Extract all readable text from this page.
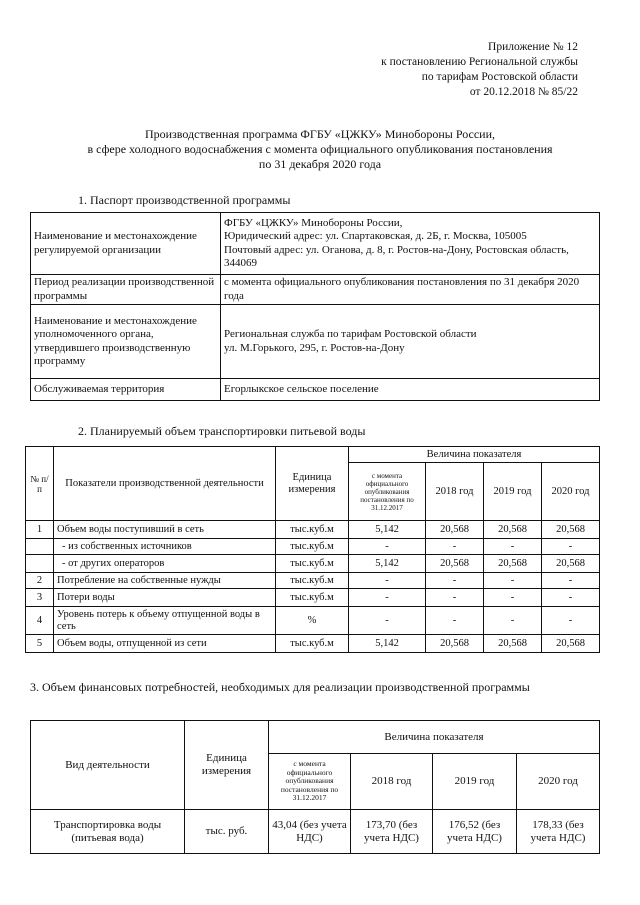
Приложение № 12
к постановлению Региональной службы
по тарифам Ростовской области
от 20.12.2018 № 85/22
Производственная программа ФГБУ «ЦЖКУ» Минобороны России,
в сфере холодного водоснабжения с момента официального опубликования постановления
по 31 декабря 2020 года
1. Паспорт производственной программы
Наименование и местонахождение регулируемой организации	ФГБУ «ЦЖКУ» Минобороны России,
Юридический адрес: ул. Спартаковская, д. 2Б, г. Москва, 105005
Почтовый адрес: ул. Оганова, д. 8, г. Ростов-на-Дону, Ростовская область, 344069

Период реализации производственной программы	с момента официального опубликования постановления по 31 декабря 2020 года
Наименование и местонахождение уполномоченного органа, утвердившего производственную программу	Региональная служба по тарифам Ростовской области
ул. М.Горького, 295, г. Ростов-на-Дону

Обслуживаемая территория	Егорлыкское сельское поселение
2. Планируемый объем транспортировки питьевой воды
№ п/п	Показатели производственной деятельности	Единица измерения	Величина показателя			
			с момента официального опубликования постановления по 31.12.2017	2018 год	2019 год	2020 год
1	Объем воды поступивший в сеть	тыс.куб.м	5,142	20,568	20,568	20,568
	- из собственных источников	тыс.куб.м	-	-	-	-
	- от других операторов	тыс.куб.м	5,142	20,568	20,568	20,568
2	Потребление на собственные нужды	тыс.куб.м	-	-	-	-
3	Потери воды	тыс.куб.м	-	-	-	-
4	Уровень потерь к объему отпущенной воды в сеть	%	-	-	-	-
5	Объем воды, отпущенной из сети	тыс.куб.м	5,142	20,568	20,568	20,568
3. Объем финансовых потребностей, необходимых для реализации производственной программы
Вид деятельности	Единица измерения	Величина показателя			
		с момента официального опубликования постановления по 31.12.2017	2018 год	2019 год	2020 год
Транспортировка воды (питьевая вода)	тыс. руб.	43,04 (без учета НДС)	173,70 (без учета НДС)	176,52 (без учета НДС)	178,33 (без учета НДС)
